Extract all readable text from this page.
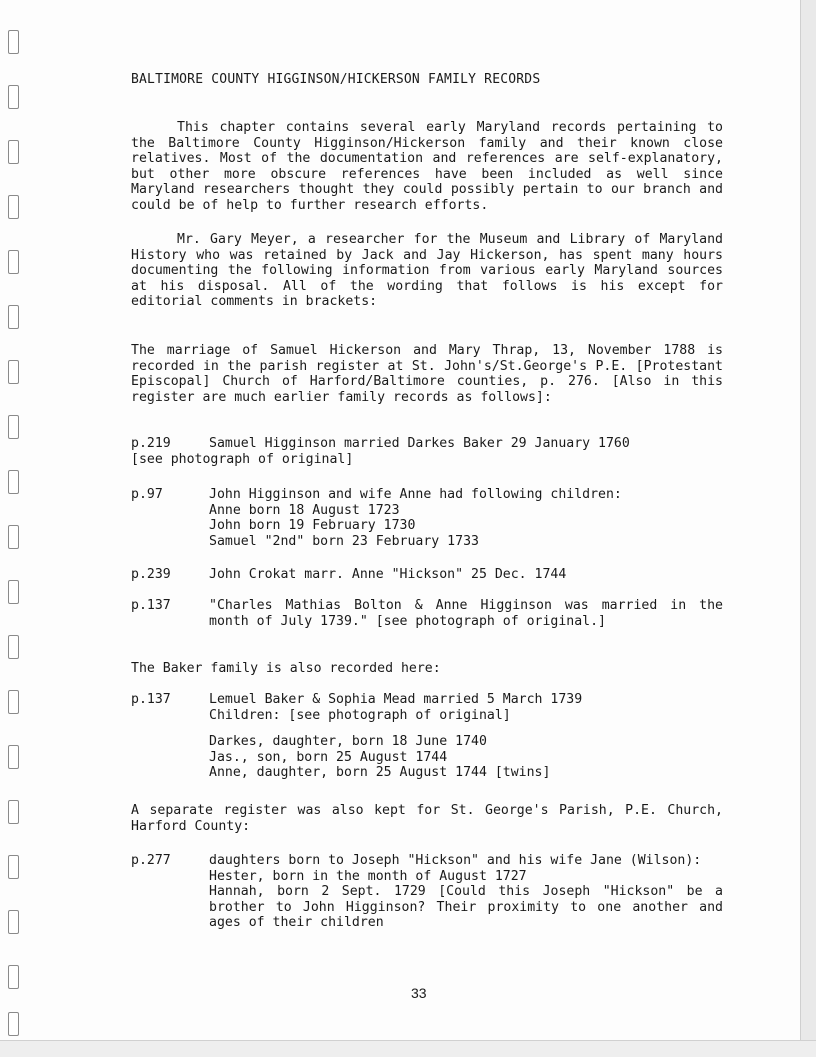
BALTIMORE COUNTY HIGGINSON/HICKERSON FAMILY RECORDS

This chapter contains several early Maryland records pertaining to the Baltimore County Higginson/Hickerson family and their known close relatives. Most of the documentation and references are self-explanatory, but other more obscure references have been included as well since Maryland researchers thought they could possibly pertain to our branch and could be of help to further research efforts.

Mr. Gary Meyer, a researcher for the Museum and Library of Maryland History who was retained by Jack and Jay Hickerson, has spent many hours documenting the following information from various early Maryland sources at his disposal. All of the wording that follows is his except for editorial comments in brackets:

The marriage of Samuel Hickerson and Mary Thrap, 13, November 1788 is recorded in the parish register at St. John's/St.George's P.E. [Protestant Episcopal] Church of Harford/Baltimore counties, p. 276. [Also in this register are much earlier family records as follows]:

p.219	Samuel Higginson married Darkes Baker 29 January 1760
[see photograph of original]
p.97	John Higginson and wife Anne had following children:
Anne born 18 August 1723
John born 19 February 1730
Samuel "2nd" born 23 February 1733
p.239	John Crokat marr. Anne "Hickson" 25 Dec. 1744
p.137	"Charles Mathias Bolton & Anne Higginson was married in the month of July 1739." [see photograph of original.]
The Baker family is also recorded here:
p.137	Lemuel Baker & Sophia Mead married 5 March 1739
Children: [see photograph of original]
Darkes, daughter, born 18 June 1740
Jas., son, born 25 August 1744
Anne, daughter, born 25 August 1744 [twins]

A separate register was also kept for St. George's Parish, P.E. Church, Harford County:

p.277	daughters born to Joseph "Hickson" and his wife Jane (Wilson):
Hester, born in the month of August 1727
Hannah, born 2 Sept. 1729 [Could this Joseph "Hickson" be a brother to John Higginson? Their proximity to one another and ages of their children
33
